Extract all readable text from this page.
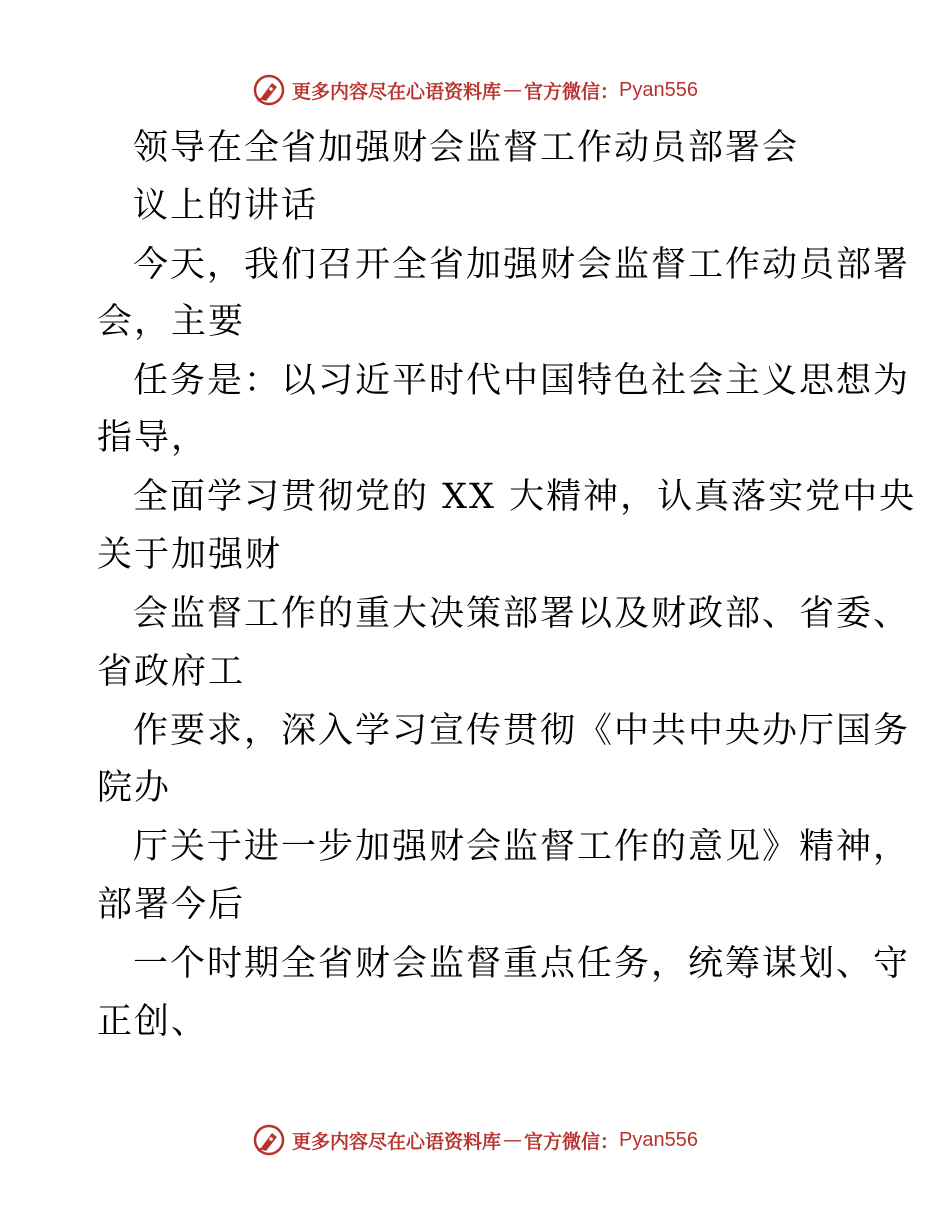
更多内容尽在心语资料库 — 官方微信： Pyan556
领导在全省加强财会监督工作动员部署会
议上的讲话
今天，我们召开全省加强财会监督工作动员部署
会，主要
任务是：以习近平时代中国特色社会主义思想为
指导，
全面学习贯彻党的 XX 大精神，认真落实党中央
关于加强财
会监督工作的重大决策部署以及财政部、省委、
省政府工
作要求，深入学习宣传贯彻《中共中央办厅国务
院办
厅关于进一步加强财会监督工作的意见》精神，
部署今后
一个时期全省财会监督重点任务，统筹谋划、守
正创、
更多内容尽在心语资料库 — 官方微信： Pyan556
